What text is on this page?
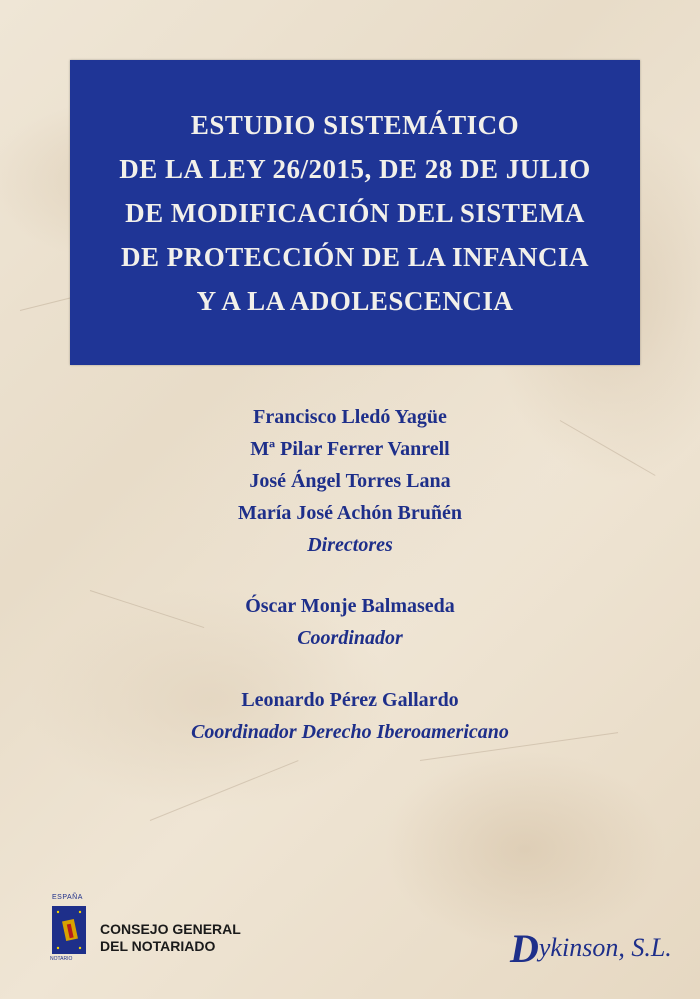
ESTUDIO SISTEMÁTICO
DE LA LEY 26/2015, DE 28 DE JULIO
DE MODIFICACIÓN DEL SISTEMA
DE PROTECCIÓN DE LA INFANCIA
Y A LA ADOLESCENCIA
Francisco Lledó Yagüe
Mª Pilar Ferrer Vanrell
José Ángel Torres Lana
María José Achón Bruñén
Directores
Óscar Monje Balmaseda
Coordinador
Leonardo Pérez Gallardo
Coordinador Derecho Iberoamericano
ESPAÑA
NOTARIO
CONSEJO GENERAL
DEL NOTARIADO	Dykinson, S.L.
